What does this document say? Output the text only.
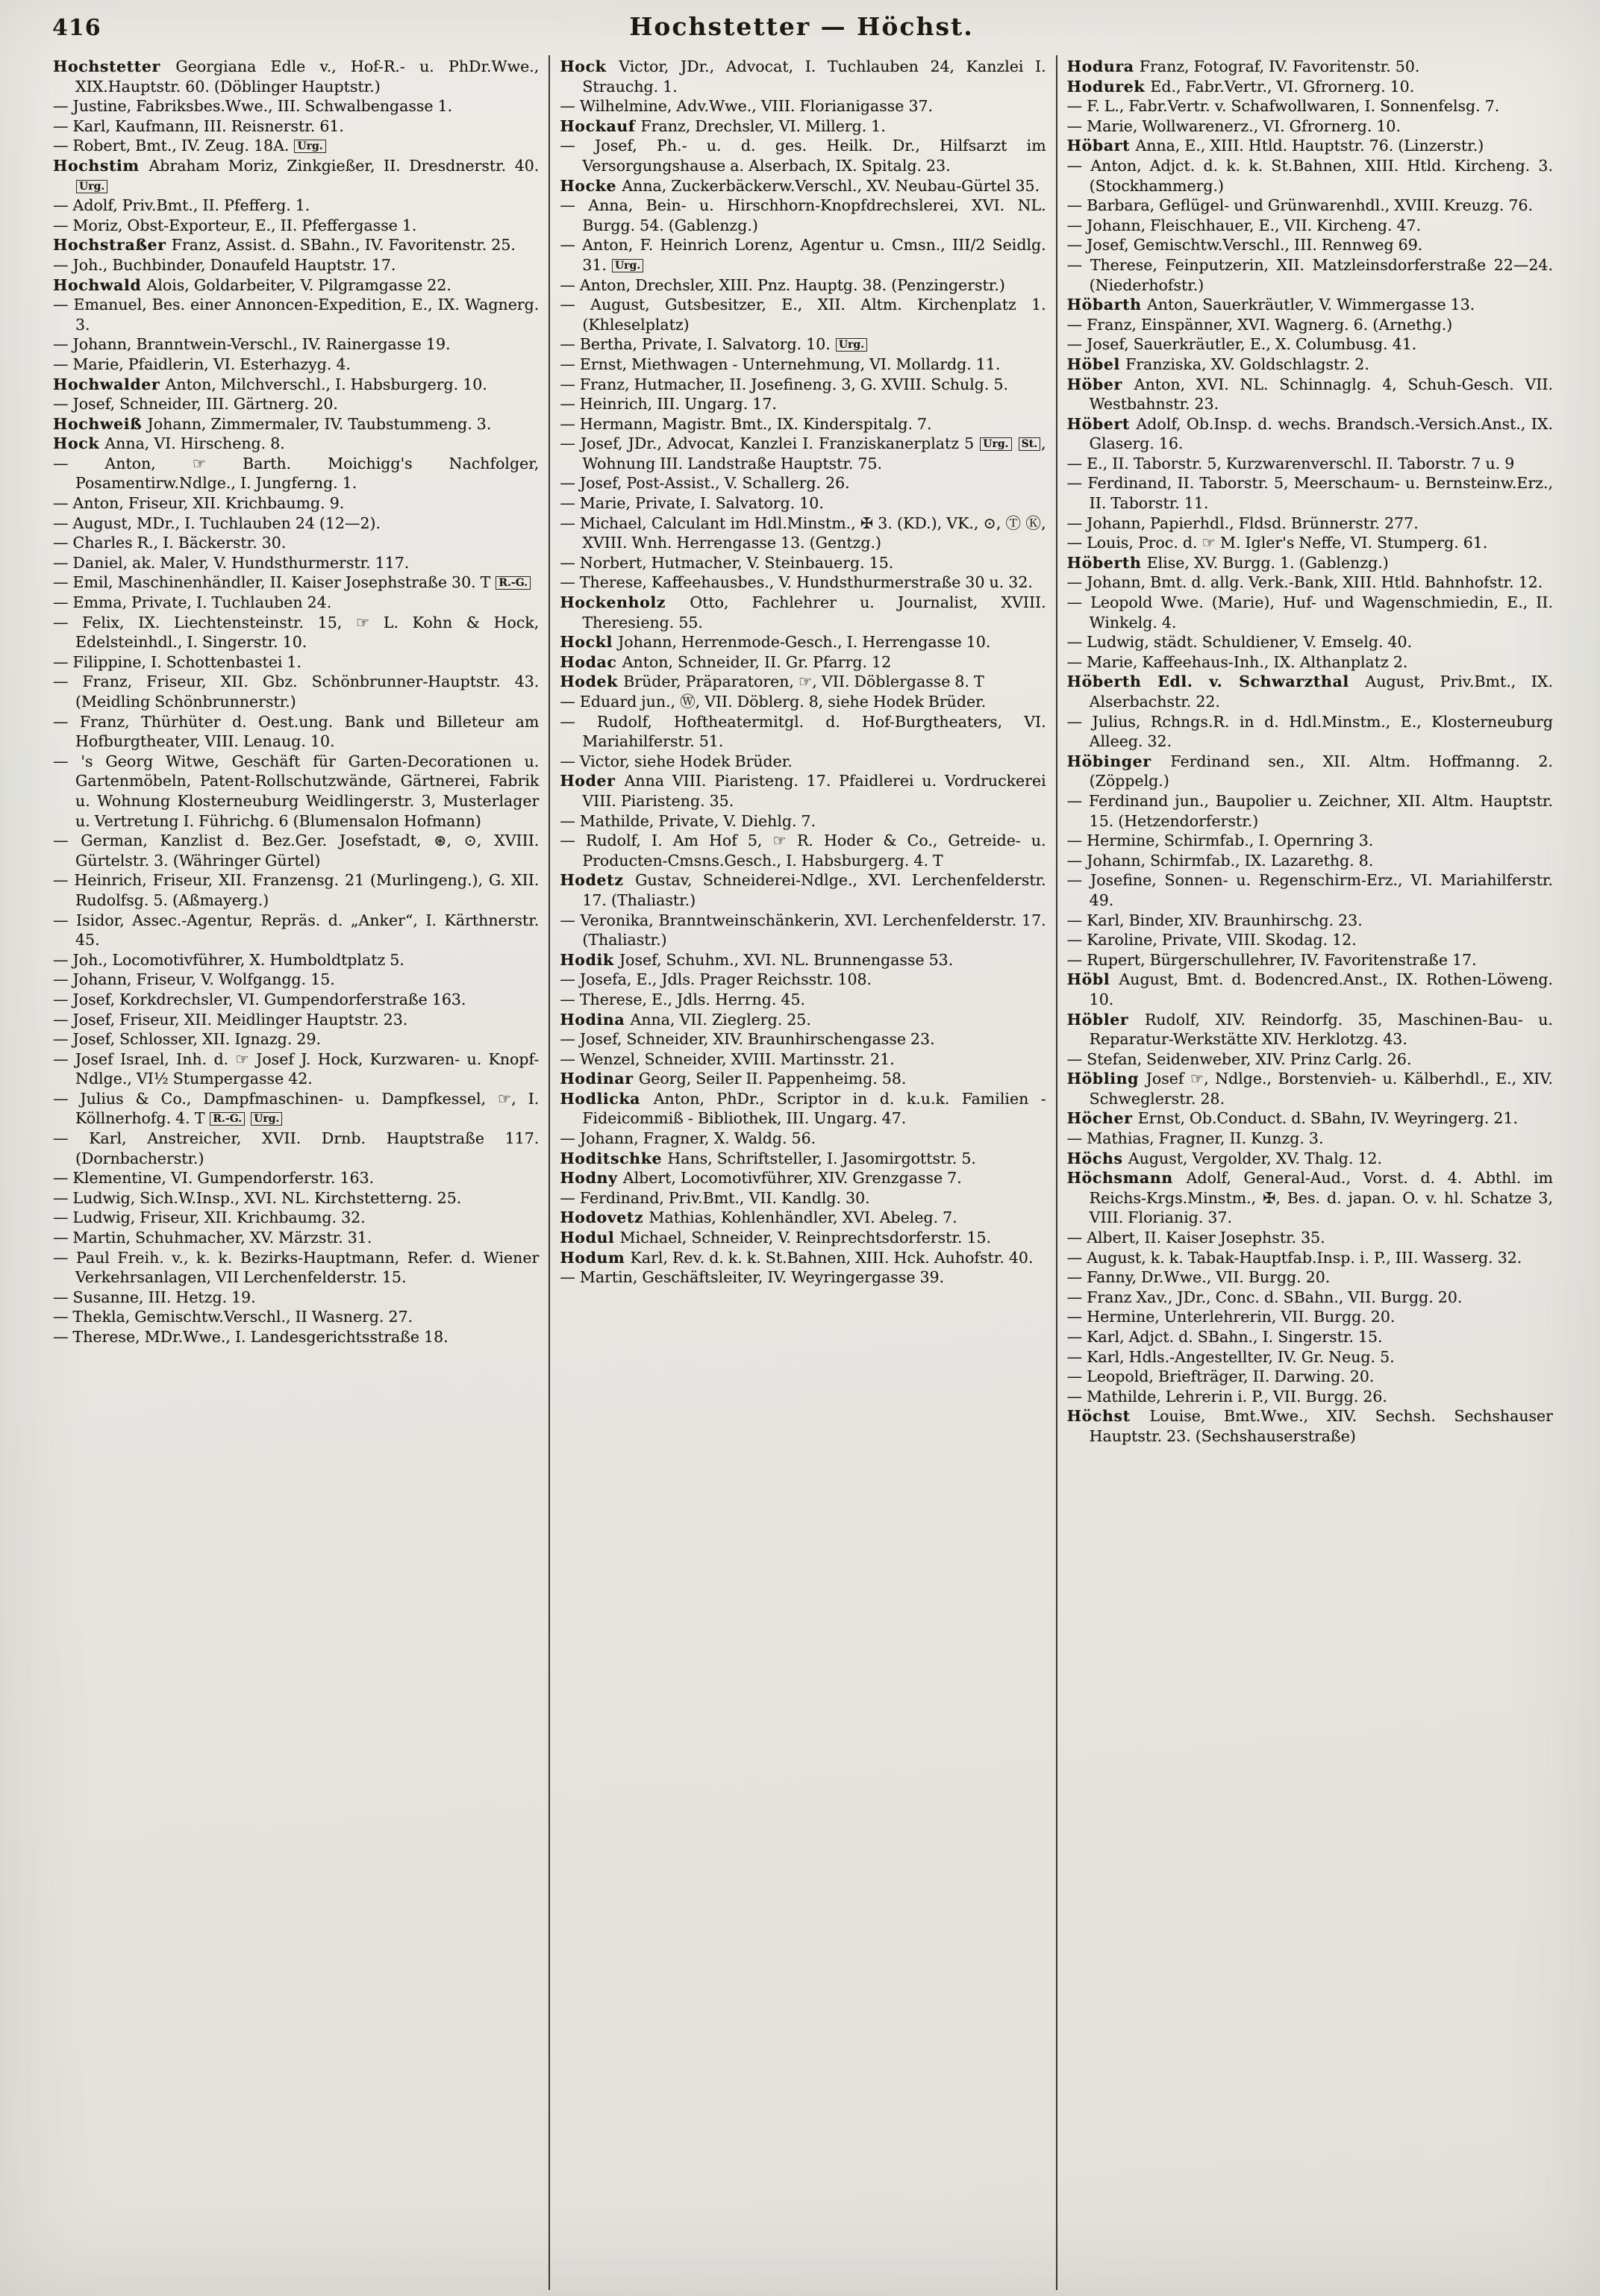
416	Hochstetter — Höchst.

Hochstetter Georgiana Edle v., Hof-R.- u. PhDr.Wwe., XIX.Hauptstr. 60. (Döblinger Hauptstr.)

— Justine, Fabriksbes.Wwe., III. Schwalbengasse 1.

— Karl, Kaufmann, III. Reisnerstr. 61.

— Robert, Bmt., IV. Zeug. 18A. Urg.

Hochstim Abraham Moriz, Zinkgießer, II. Dresdnerstr. 40. Urg.

— Adolf, Priv.Bmt., II. Pfefferg. 1.

— Moriz, Obst-Exporteur, E., II. Pfeffergasse 1.

Hochstraßer Franz, Assist. d. SBahn., IV. Favoritenstr. 25.

— Joh., Buchbinder, Donaufeld Hauptstr. 17.

Hochwald Alois, Goldarbeiter, V. Pilgramgasse 22.

— Emanuel, Bes. einer Annoncen-Expedition, E., IX. Wagnerg. 3.

— Johann, Branntwein-Verschl., IV. Rainergasse 19.

— Marie, Pfaidlerin, VI. Esterhazyg. 4.

Hochwalder Anton, Milchverschl., I. Habsburgerg. 10.

— Josef, Schneider, III. Gärtnerg. 20.

Hochweiß Johann, Zimmermaler, IV. Taubstummeng. 3.

Hock Anna, VI. Hirscheng. 8.

— Anton, ☞ Barth. Moichigg's Nachfolger, Posamentirw.Ndlge., I. Jungferng. 1.

— Anton, Friseur, XII. Krichbaumg. 9.

— August, MDr., I. Tuchlauben 24 (12—2).

— Charles R., I. Bäckerstr. 30.

— Daniel, ak. Maler, V. Hundsthurmerstr. 117.

— Emil, Maschinenhändler, II. Kaiser Josephstraße 30. T R.-G.

— Emma, Private, I. Tuchlauben 24.

— Felix, IX. Liechtensteinstr. 15, ☞ L. Kohn & Hock, Edelsteinhdl., I. Singerstr. 10.

— Filippine, I. Schottenbastei 1.

— Franz, Friseur, XII. Gbz. Schönbrunner-Hauptstr. 43. (Meidling Schönbrunnerstr.)

— Franz, Thürhüter d. Oest.ung. Bank und Billeteur am Hofburgtheater, VIII. Lenaug. 10.

— 's Georg Witwe, Geschäft für Garten-Decorationen u. Gartenmöbeln, Patent-Rollschutzwände, Gärtnerei, Fabrik u. Wohnung Klosterneuburg Weidlingerstr. 3, Musterlager u. Vertretung I. Führichg. 6 (Blumensalon Hofmann)

— German, Kanzlist d. Bez.Ger. Josefstadt, ⊛, ⊙, XVIII. Gürtelstr. 3. (Währinger Gürtel)

— Heinrich, Friseur, XII. Franzensg. 21 (Murlingeng.), G. XII. Rudolfsg. 5. (Aßmayerg.)

— Isidor, Assec.-Agentur, Repräs. d. „Anker“, I. Kärthnerstr. 45.

— Joh., Locomotivführer, X. Humboldtplatz 5.

— Johann, Friseur, V. Wolfgangg. 15.

— Josef, Korkdrechsler, VI. Gumpendorferstraße 163.

— Josef, Friseur, XII. Meidlinger Hauptstr. 23.

— Josef, Schlosser, XII. Ignazg. 29.

— Josef Israel, Inh. d. ☞ Josef J. Hock, Kurzwaren- u. Knopf-Ndlge., VI½ Stumpergasse 42.

— Julius & Co., Dampfmaschinen- u. Dampfkessel, ☞, I. Köllnerhofg. 4. T R.-G. Urg.

— Karl, Anstreicher, XVII. Drnb. Hauptstraße 117. (Dornbacherstr.)

— Klementine, VI. Gumpendorferstr. 163.

— Ludwig, Sich.W.Insp., XVI. NL. Kirchstetterng. 25.

— Ludwig, Friseur, XII. Krichbaumg. 32.

— Martin, Schuhmacher, XV. Märzstr. 31.

— Paul Freih. v., k. k. Bezirks-Hauptmann, Refer. d. Wiener Verkehrsanlagen, VII Lerchenfelderstr. 15.

— Susanne, III. Hetzg. 19.

— Thekla, Gemischtw.Verschl., II Wasnerg. 27.

— Therese, MDr.Wwe., I. Landesgerichtsstraße 18.

Hock Victor, JDr., Advocat, I. Tuchlauben 24, Kanzlei I. Strauchg. 1.

— Wilhelmine, Adv.Wwe., VIII. Florianigasse 37.

Hockauf Franz, Drechsler, VI. Millerg. 1.

— Josef, Ph.- u. d. ges. Heilk. Dr., Hilfsarzt im Versorgungshause a. Alserbach, IX. Spitalg. 23.

Hocke Anna, Zuckerbäckerw.Verschl., XV. Neubau-Gürtel 35.

— Anna, Bein- u. Hirschhorn-Knopfdrechslerei, XVI. NL. Burgg. 54. (Gablenzg.)

— Anton, F. Heinrich Lorenz, Agentur u. Cmsn., III/2 Seidlg. 31. Urg.

— Anton, Drechsler, XIII. Pnz. Hauptg. 38. (Penzingerstr.)

— August, Gutsbesitzer, E., XII. Altm. Kirchenplatz 1. (Khleselplatz)

— Bertha, Private, I. Salvatorg. 10. Urg.

— Ernst, Miethwagen - Unternehmung, VI. Mollardg. 11.

— Franz, Hutmacher, II. Josefineng. 3, G. XVIII. Schulg. 5.

— Heinrich, III. Ungarg. 17.

— Hermann, Magistr. Bmt., IX. Kinderspitalg. 7.

— Josef, JDr., Advocat, Kanzlei I. Franziskanerplatz 5 Urg. St. , Wohnung III. Landstraße Hauptstr. 75.

— Josef, Post-Assist., V. Schallerg. 26.

— Marie, Private, I. Salvatorg. 10.

— Michael, Calculant im Hdl.Minstm., ✠ 3. (KD.), VK., ⊙, Ⓣ Ⓚ, XVIII. Wnh. Herrengasse 13. (Gentzg.)

— Norbert, Hutmacher, V. Steinbauerg. 15.

— Therese, Kaffeehausbes., V. Hundsthurmerstraße 30 u. 32.

Hockenholz Otto, Fachlehrer u. Journalist, XVIII. Theresieng. 55.

Hockl Johann, Herrenmode-Gesch., I. Herrengasse 10.

Hodac Anton, Schneider, II. Gr. Pfarrg. 12

Hodek Brüder, Präparatoren, ☞, VII. Döblergasse 8. T

— Eduard jun., Ⓦ, VII. Döblerg. 8, siehe Hodek Brüder.

— Rudolf, Hoftheatermitgl. d. Hof-Burgtheaters, VI. Mariahilferstr. 51.

— Victor, siehe Hodek Brüder.

Hoder Anna VIII. Piaristeng. 17. Pfaidlerei u. Vordruckerei VIII. Piaristeng. 35.

— Mathilde, Private, V. Diehlg. 7.

— Rudolf, I. Am Hof 5, ☞ R. Hoder & Co., Getreide- u. Producten-Cmsns.Gesch., I. Habsburgerg. 4. T

Hodetz Gustav, Schneiderei-Ndlge., XVI. Lerchenfelderstr. 17. (Thaliastr.)

— Veronika, Branntweinschänkerin, XVI. Lerchenfelderstr. 17. (Thaliastr.)

Hodik Josef, Schuhm., XVI. NL. Brunnengasse 53.

— Josefa, E., Jdls. Prager Reichsstr. 108.

— Therese, E., Jdls. Herrng. 45.

Hodina Anna, VII. Zieglerg. 25.

— Josef, Schneider, XIV. Braunhirschengasse 23.

— Wenzel, Schneider, XVIII. Martinsstr. 21.

Hodinar Georg, Seiler II. Pappenheimg. 58.

Hodlicka Anton, PhDr., Scriptor in d. k.u.k. Familien - Fideicommiß - Bibliothek, III. Ungarg. 47.

— Johann, Fragner, X. Waldg. 56.

Hoditschke Hans, Schriftsteller, I. Jasomirgottstr. 5.

Hodny Albert, Locomotivführer, XIV. Grenzgasse 7.

— Ferdinand, Priv.Bmt., VII. Kandlg. 30.

Hodovetz Mathias, Kohlenhändler, XVI. Abeleg. 7.

Hodul Michael, Schneider, V. Reinprechtsdorferstr. 15.

Hodum Karl, Rev. d. k. k. St.Bahnen, XIII. Hck. Auhofstr. 40.

— Martin, Geschäftsleiter, IV. Weyringergasse 39.

Hodura Franz, Fotograf, IV. Favoritenstr. 50.

Hodurek Ed., Fabr.Vertr., VI. Gfrornerg. 10.

— F. L., Fabr.Vertr. v. Schafwollwaren, I. Sonnenfelsg. 7.

— Marie, Wollwarenerz., VI. Gfrornerg. 10.

Höbart Anna, E., XIII. Htld. Hauptstr. 76. (Linzerstr.)

— Anton, Adjct. d. k. k. St.Bahnen, XIII. Htld. Kircheng. 3. (Stockhammerg.)

— Barbara, Geflügel- und Grünwarenhdl., XVIII. Kreuzg. 76.

— Johann, Fleischhauer, E., VII. Kircheng. 47.

— Josef, Gemischtw.Verschl., III. Rennweg 69.

— Therese, Feinputzerin, XII. Matzleinsdorferstraße 22—24. (Niederhofstr.)

Höbarth Anton, Sauerkräutler, V. Wimmergasse 13.

— Franz, Einspänner, XVI. Wagnerg. 6. (Arnethg.)

— Josef, Sauerkräutler, E., X. Columbusg. 41.

Höbel Franziska, XV. Goldschlagstr. 2.

Höber Anton, XVI. NL. Schinnaglg. 4, Schuh-Gesch. VII. Westbahnstr. 23.

Höbert Adolf, Ob.Insp. d. wechs. Brandsch.-Versich.Anst., IX. Glaserg. 16.

— E., II. Taborstr. 5, Kurzwarenverschl. II. Taborstr. 7 u. 9

— Ferdinand, II. Taborstr. 5, Meerschaum- u. Bernsteinw.Erz., II. Taborstr. 11.

— Johann, Papierhdl., Fldsd. Brünnerstr. 277.

— Louis, Proc. d. ☞ M. Igler's Neffe, VI. Stumperg. 61.

Höberth Elise, XV. Burgg. 1. (Gablenzg.)

— Johann, Bmt. d. allg. Verk.-Bank, XIII. Htld. Bahnhofstr. 12.

— Leopold Wwe. (Marie), Huf- und Wagenschmiedin, E., II. Winkelg. 4.

— Ludwig, städt. Schuldiener, V. Emselg. 40.

— Marie, Kaffeehaus-Inh., IX. Althanplatz 2.

Höberth Edl. v. Schwarzthal August, Priv.Bmt., IX. Alserbachstr. 22.

— Julius, Rchngs.R. in d. Hdl.Minstm., E., Klosterneuburg Alleeg. 32.

Höbinger Ferdinand sen., XII. Altm. Hoffmanng. 2. (Zöppelg.)

— Ferdinand jun., Baupolier u. Zeichner, XII. Altm. Hauptstr. 15. (Hetzendorferstr.)

— Hermine, Schirmfab., I. Opernring 3.

— Johann, Schirmfab., IX. Lazarethg. 8.

— Josefine, Sonnen- u. Regenschirm-Erz., VI. Mariahilferstr. 49.

— Karl, Binder, XIV. Braunhirschg. 23.

— Karoline, Private, VIII. Skodag. 12.

— Rupert, Bürgerschullehrer, IV. Favoritenstraße 17.

Höbl August, Bmt. d. Bodencred.Anst., IX. Rothen-Löweng. 10.

Höbler Rudolf, XIV. Reindorfg. 35, Maschinen-Bau- u. Reparatur-Werkstätte XIV. Herklotzg. 43.

— Stefan, Seidenweber, XIV. Prinz Carlg. 26.

Höbling Josef ☞, Ndlge., Borstenvieh- u. Kälberhdl., E., XIV. Schweglerstr. 28.

Höcher Ernst, Ob.Conduct. d. SBahn, IV. Weyringerg. 21.

— Mathias, Fragner, II. Kunzg. 3.

Höchs August, Vergolder, XV. Thalg. 12.

Höchsmann Adolf, General-Aud., Vorst. d. 4. Abthl. im Reichs-Krgs.Minstm., ✠, Bes. d. japan. O. v. hl. Schatze 3, VIII. Florianig. 37.

— Albert, II. Kaiser Josephstr. 35.

— August, k. k. Tabak-Hauptfab.Insp. i. P., III. Wasserg. 32.

— Fanny, Dr.Wwe., VII. Burgg. 20.

— Franz Xav., JDr., Conc. d. SBahn., VII. Burgg. 20.

— Hermine, Unterlehrerin, VII. Burgg. 20.

— Karl, Adjct. d. SBahn., I. Singerstr. 15.

— Karl, Hdls.-Angestellter, IV. Gr. Neug. 5.

— Leopold, Briefträger, II. Darwing. 20.

— Mathilde, Lehrerin i. P., VII. Burgg. 26.

Höchst Louise, Bmt.Wwe., XIV. Sechsh. Sechshauser Hauptstr. 23. (Sechshauserstraße)
